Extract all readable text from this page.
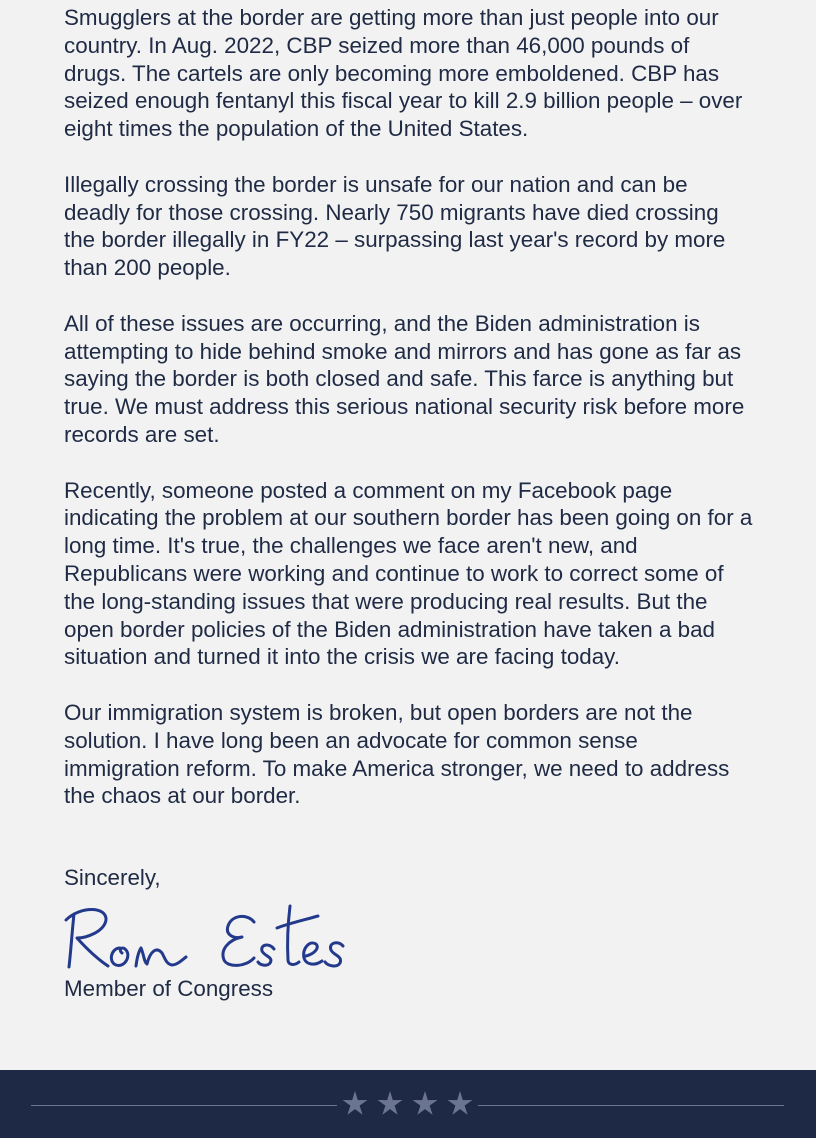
Smugglers at the border are getting more than just people into our country. In Aug. 2022, CBP seized more than 46,000 pounds of drugs. The cartels are only becoming more emboldened. CBP has seized enough fentanyl this fiscal year to kill 2.9 billion people – over eight times the population of the United States.

Illegally crossing the border is unsafe for our nation and can be deadly for those crossing. Nearly 750 migrants have died crossing the border illegally in FY22 – surpassing last year's record by more than 200 people.

All of these issues are occurring, and the Biden administration is attempting to hide behind smoke and mirrors and has gone as far as saying the border is both closed and safe. This farce is anything but true. We must address this serious national security risk before more records are set.

Recently, someone posted a comment on my Facebook page indicating the problem at our southern border has been going on for a long time. It's true, the challenges we face aren't new, and Republicans were working and continue to work to correct some of the long-standing issues that were producing real results. But the open border policies of the Biden administration have taken a bad situation and turned it into the crisis we are facing today.

Our immigration system is broken, but open borders are not the solution. I have long been an advocate for common sense immigration reform. To make America stronger, we need to address the chaos at our border.

Sincerely,

Member of Congress
